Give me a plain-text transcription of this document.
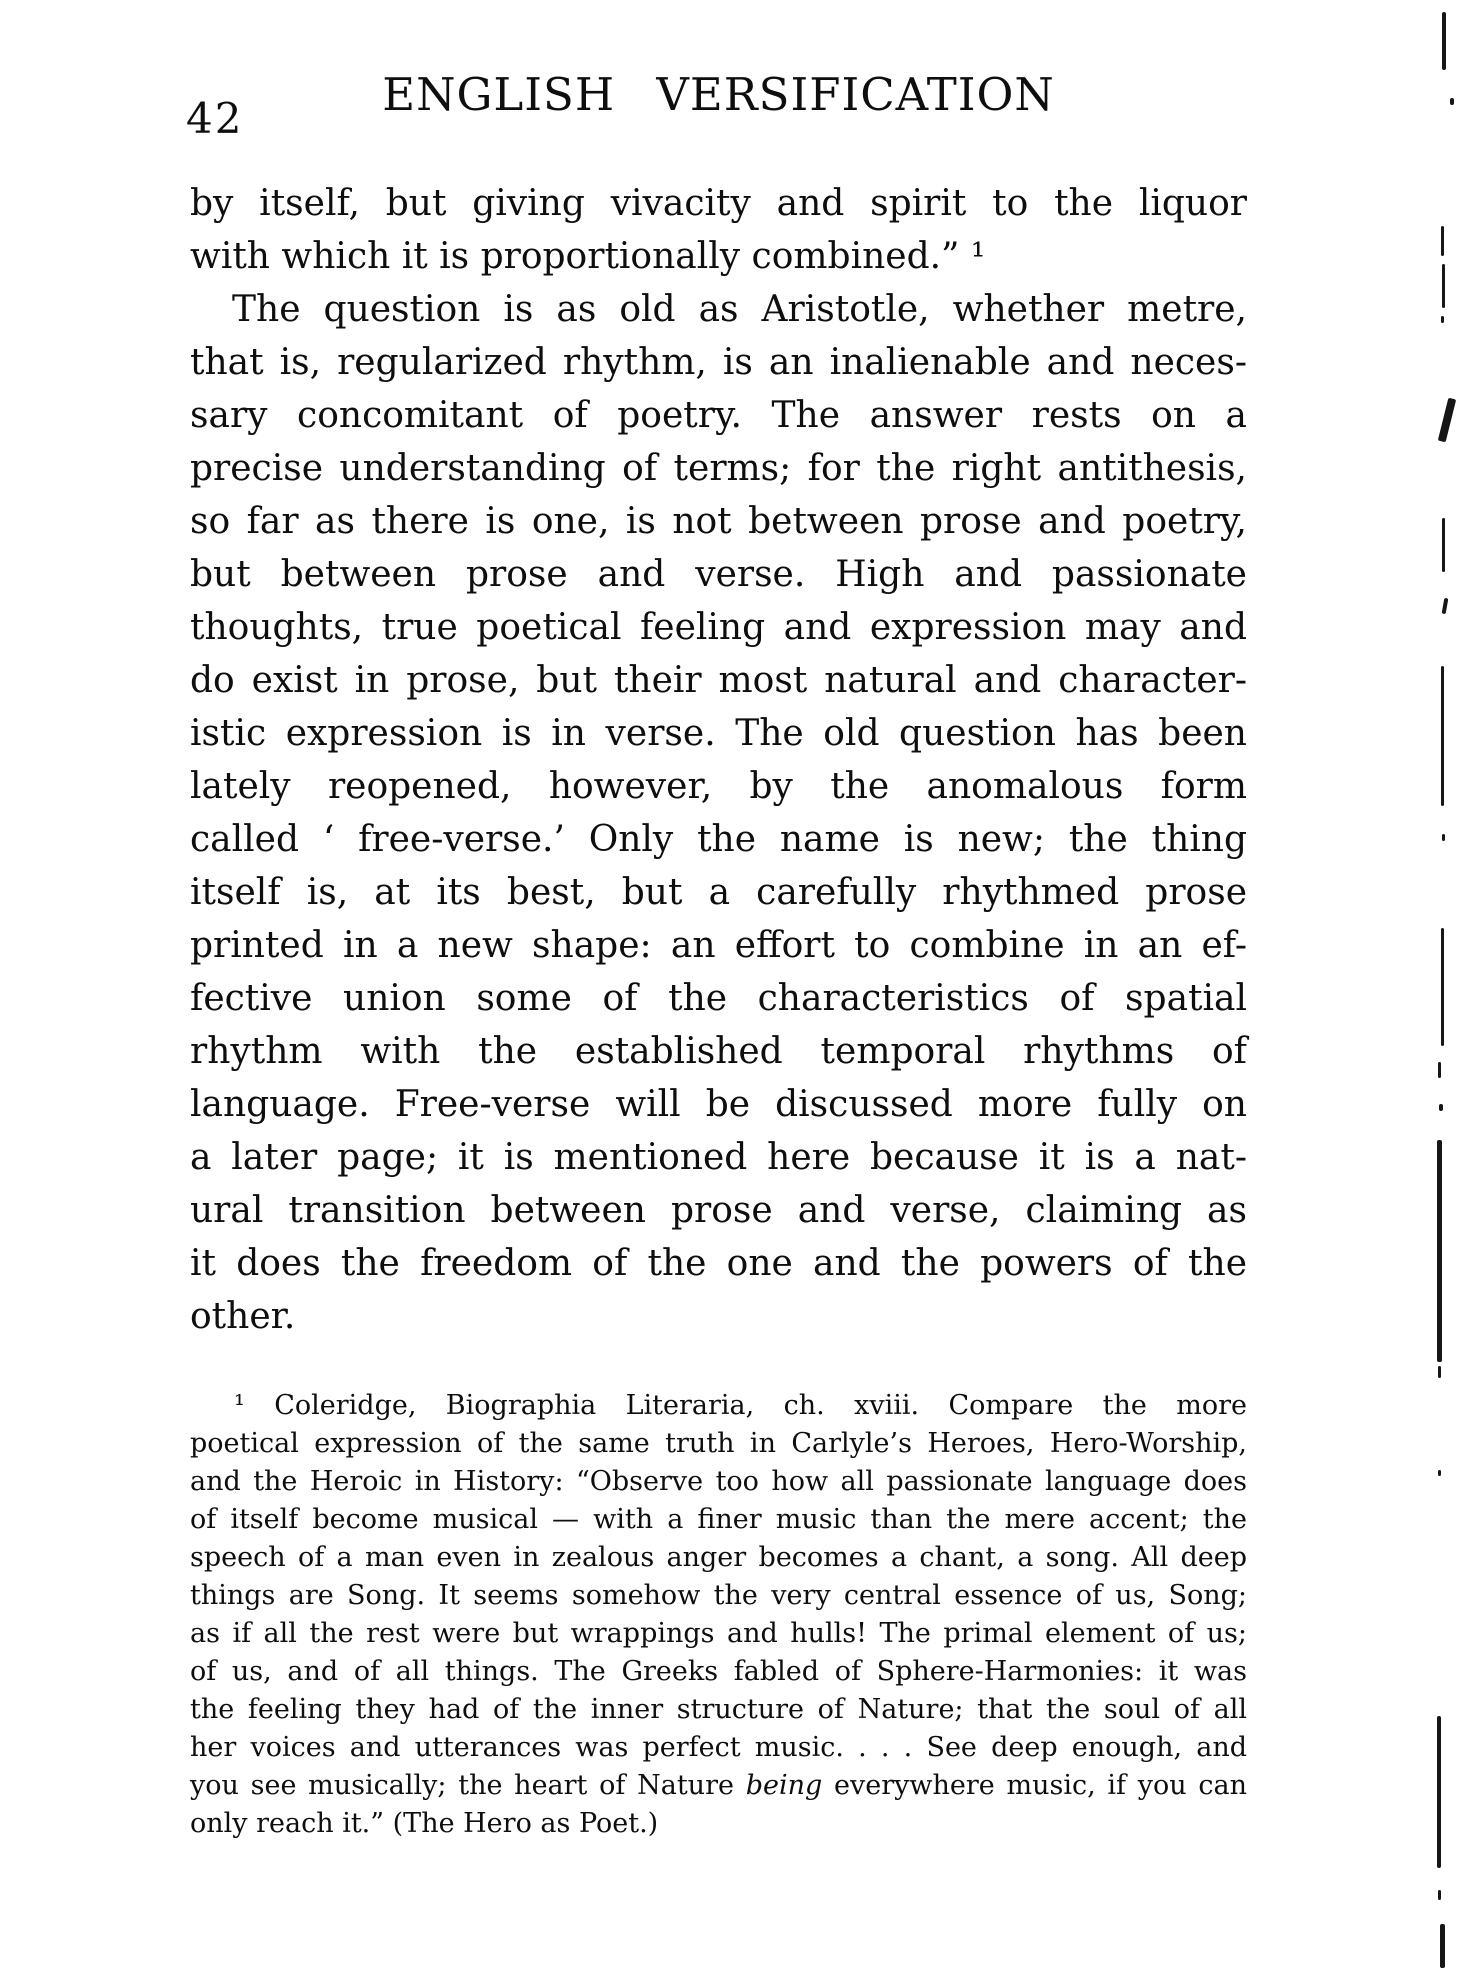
42	ENGLISH VERSIFICATION
by itself, but giving vivacity and spirit to the liquor
with which it is proportionally combined.” ¹
The question is as old as Aristotle, whether metre,
that is, regularized rhythm, is an inalienable and neces-
sary concomitant of poetry. The answer rests on a
precise understanding of terms; for the right antithesis,
so far as there is one, is not between prose and poetry,
but between prose and verse. High and passionate
thoughts, true poetical feeling and expression may and
do exist in prose, but their most natural and character-
istic expression is in verse. The old question has been
lately reopened, however, by the anomalous form
called ‘ free-verse.’ Only the name is new; the thing
itself is, at its best, but a carefully rhythmed prose
printed in a new shape: an effort to combine in an ef-
fective union some of the characteristics of spatial
rhythm with the established temporal rhythms of
language. Free-verse will be discussed more fully on
a later page; it is mentioned here because it is a nat-
ural transition between prose and verse, claiming as
it does the freedom of the one and the powers of the
other.
¹ Coleridge, Biographia Literaria, ch. xviii. Compare the more
poetical expression of the same truth in Carlyle’s Heroes, Hero-Worship,
and the Heroic in History: “Observe too how all passionate language does
of itself become musical — with a finer music than the mere accent; the
speech of a man even in zealous anger becomes a chant, a song. All deep
things are Song. It seems somehow the very central essence of us, Song;
as if all the rest were but wrappings and hulls! The primal element of us;
of us, and of all things. The Greeks fabled of Sphere-Harmonies: it was
the feeling they had of the inner structure of Nature; that the soul of all
her voices and utterances was perfect music. . . . See deep enough, and
you see musically; the heart of Nature being everywhere music, if you can
only reach it.” (The Hero as Poet.)
